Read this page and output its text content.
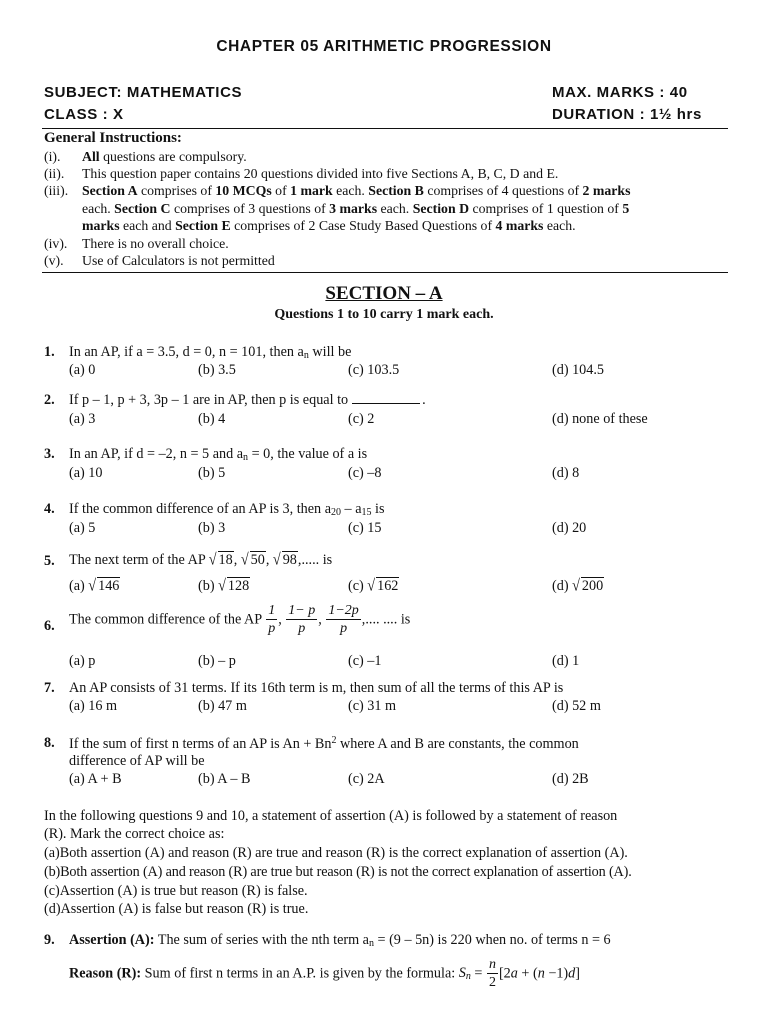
CHAPTER 05 ARITHMETIC PROGRESSION
SUBJECT: MATHEMATICS	MAX. MARKS : 40
CLASS : X	DURATION : 1½ hrs
General Instructions:
(i). All questions are compulsory.
(ii). This question paper contains 20 questions divided into five Sections A, B, C, D and E.
(iii). Section A comprises of 10 MCQs of 1 mark each. Section B comprises of 4 questions of 2 marks
each. Section C comprises of 3 questions of 3 marks each. Section D comprises of 1 question of 5
marks each and Section E comprises of 2 Case Study Based Questions of 4 marks each.
(iv). There is no overall choice.
(v). Use of Calculators is not permitted
SECTION – A
Questions 1 to 10 carry 1 mark each.
1. In an AP, if a = 3.5, d = 0, n = 101, then $a_n$ will be
(a) 0	(b) 3.5	(c) 103.5	(d) 104.5
2. If p – 1, p + 3, 3p – 1 are in AP, then p is equal to	.
(a) 3	(b) 4	(c) 2	(d) none of these
3. In an AP, if d = –2, n = 5 and $a_n = 0$, the value of a is
(a) 10	(b) 5	(c) –8	(d) 8
4. If the common difference of an AP is 3, then $a_{20} - a_{15}$ is
(a) 5	(b) 3	(c) 15	(d) 20
5. The next term of the AP √ 18, √ 50, √ 98,..... is
(a) √ 146	(b) √ 128	(c) √ 162	(d) √ 200
6. The common difference of the AP $\frac{1}{p}$ , $\frac{1- p}{p}$ , $\frac{1-2p}{p}$ ,.... .... is
(a) p	(b) – p	(c) –1	(d) 1
7. An AP consists of 31 terms. If its 16th term is m, then sum of all the terms of this AP is
(a) 16 m	(b) 47 m	(c) 31 m	(d) 52 m
8. If the sum of first n terms of an AP is $An + Bn^2$ where A and B are constants, the common
difference of AP will be
(a) A + B	(b) A – B	(c) 2A	(d) 2B
In the following questions 9 and 10, a statement of assertion (A) is followed by a statement of reason
(R). Mark the correct choice as:
(a)Both assertion (A) and reason (R) are true and reason (R) is the correct explanation of assertion (A).
(b)Both assertion (A) and reason (R) are true but reason (R) is not the correct explanation of assertion (A).
(c)Assertion (A) is true but reason (R) is false.
(d)Assertion (A) is false but reason (R) is true.
9. Assertion (A): The sum of series with the nth term $a_n = (9 - 5n)$ is 220 when no. of terms n = 6
Reason (R): Sum of first n terms in an A.P. is given by the formula: $S_n = \frac{n}{2} [2a + (n -1)d]$
